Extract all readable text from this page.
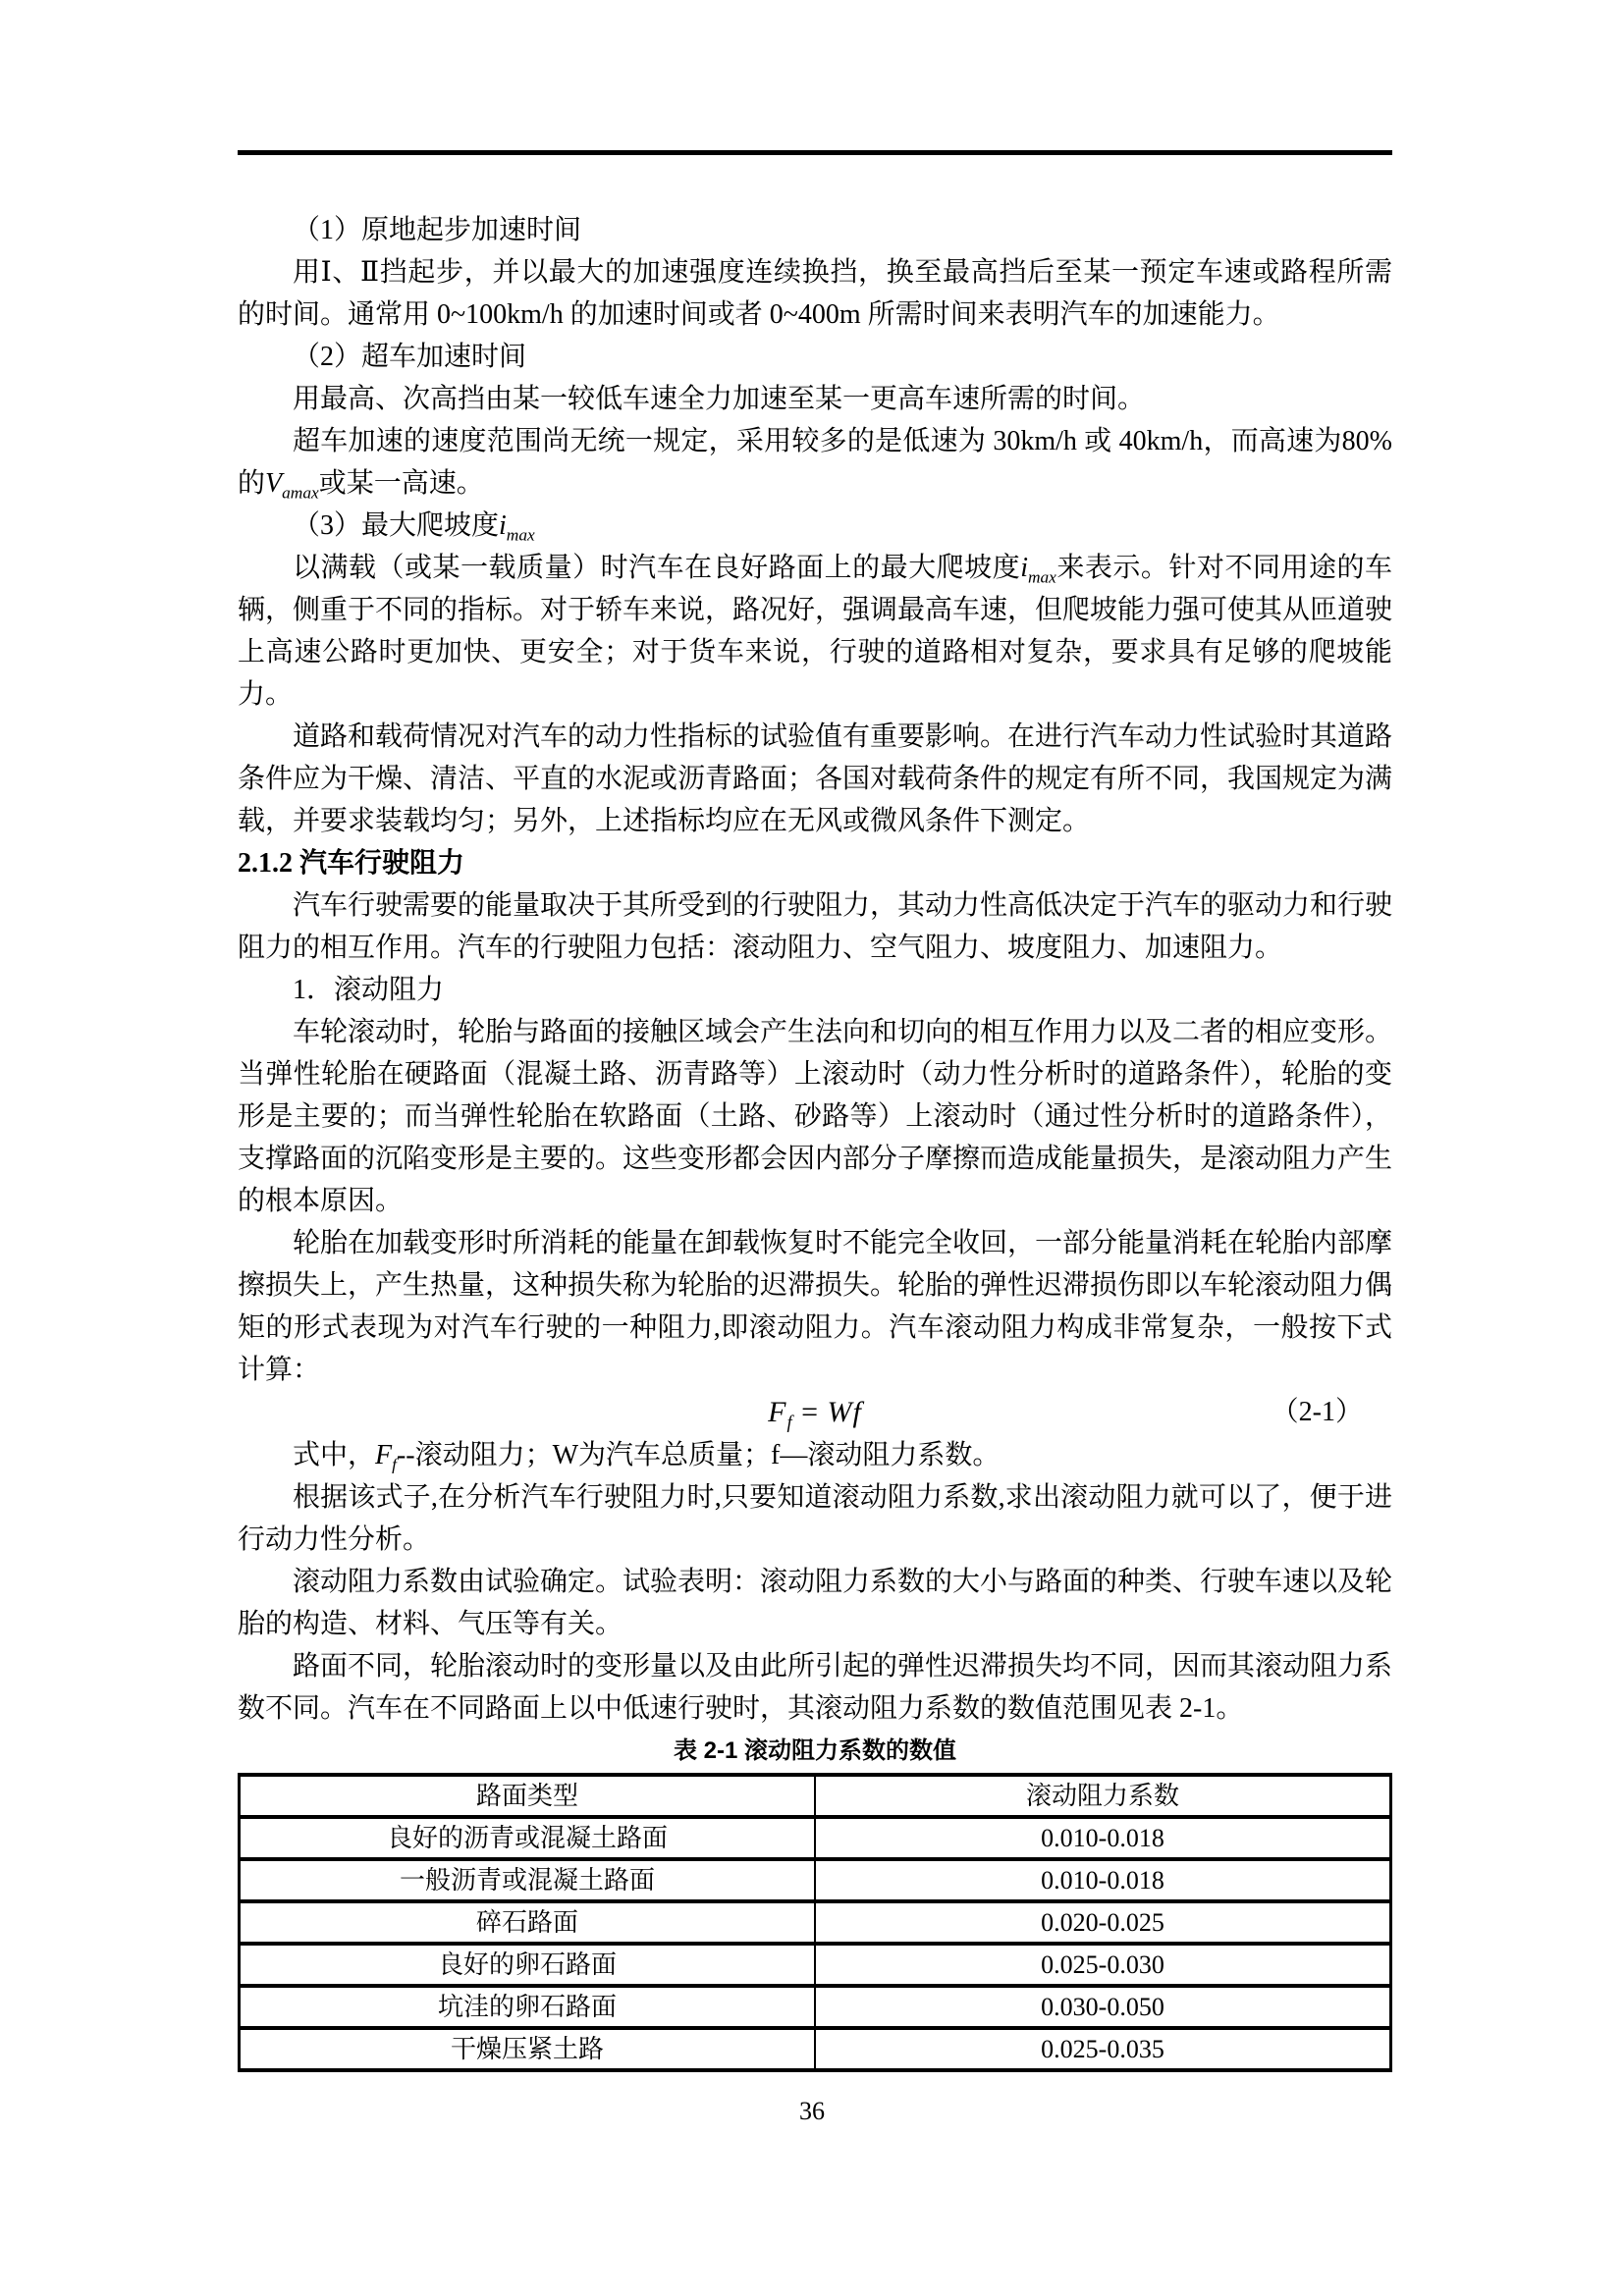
（1）原地起步加速时间

用Ⅰ、Ⅱ挡起步，并以最大的加速强度连续换挡，换至最高挡后至某一预定车速或路程所需的时间。通常用 0~100km/h 的加速时间或者 0~400m 所需时间来表明汽车的加速能力。

（2）超车加速时间

用最高、次高挡由某一较低车速全力加速至某一更高车速所需的时间。

超车加速的速度范围尚无统一规定，采用较多的是低速为 30km/h 或 40km/h，而高速为80%的$V_{amax}$或某一高速。

（3）最大爬坡度$i_{max}$

以满载（或某一载质量）时汽车在良好路面上的最大爬坡度$i_{max}$来表示。针对不同用途的车辆，侧重于不同的指标。对于轿车来说，路况好，强调最高车速，但爬坡能力强可使其从匝道驶上高速公路时更加快、更安全；对于货车来说，行驶的道路相对复杂，要求具有足够的爬坡能力。

道路和载荷情况对汽车的动力性指标的试验值有重要影响。在进行汽车动力性试验时其道路条件应为干燥、清洁、平直的水泥或沥青路面；各国对载荷条件的规定有所不同，我国规定为满载，并要求装载均匀；另外，上述指标均应在无风或微风条件下测定。

2.1.2 汽车行驶阻力

汽车行驶需要的能量取决于其所受到的行驶阻力，其动力性高低决定于汽车的驱动力和行驶阻力的相互作用。汽车的行驶阻力包括：滚动阻力、空气阻力、坡度阻力、加速阻力。

1．滚动阻力

车轮滚动时，轮胎与路面的接触区域会产生法向和切向的相互作用力以及二者的相应变形。当弹性轮胎在硬路面（混凝土路、沥青路等）上滚动时（动力性分析时的道路条件），轮胎的变形是主要的；而当弹性轮胎在软路面（土路、砂路等）上滚动时（通过性分析时的道路条件），支撑路面的沉陷变形是主要的。这些变形都会因内部分子摩擦而造成能量损失，是滚动阻力产生的根本原因。

轮胎在加载变形时所消耗的能量在卸载恢复时不能完全收回，一部分能量消耗在轮胎内部摩擦损失上，产生热量，这种损失称为轮胎的迟滞损失。轮胎的弹性迟滞损伤即以车轮滚动阻力偶矩的形式表现为对汽车行驶的一种阻力,即滚动阻力。汽车滚动阻力构成非常复杂，一般按下式计算：

$F_f = Wf$	（2-1）

式中，$F_f--$滚动阻力；W为汽车总质量；f—滚动阻力系数。

根据该式子,在分析汽车行驶阻力时,只要知道滚动阻力系数,求出滚动阻力就可以了，便于进行动力性分析。

滚动阻力系数由试验确定。试验表明：滚动阻力系数的大小与路面的种类、行驶车速以及轮胎的构造、材料、气压等有关。

路面不同，轮胎滚动时的变形量以及由此所引起的弹性迟滞损失均不同，因而其滚动阻力系数不同。汽车在不同路面上以中低速行驶时，其滚动阻力系数的数值范围见表 2-1。

表 2-1 滚动阻力系数的数值
路面类型	滚动阻力系数
良好的沥青或混凝土路面	0.010-0.018
一般沥青或混凝土路面	0.010-0.018
碎石路面	0.020-0.025
良好的卵石路面	0.025-0.030
坑洼的卵石路面	0.030-0.050
干燥压紧土路	0.025-0.035
36
